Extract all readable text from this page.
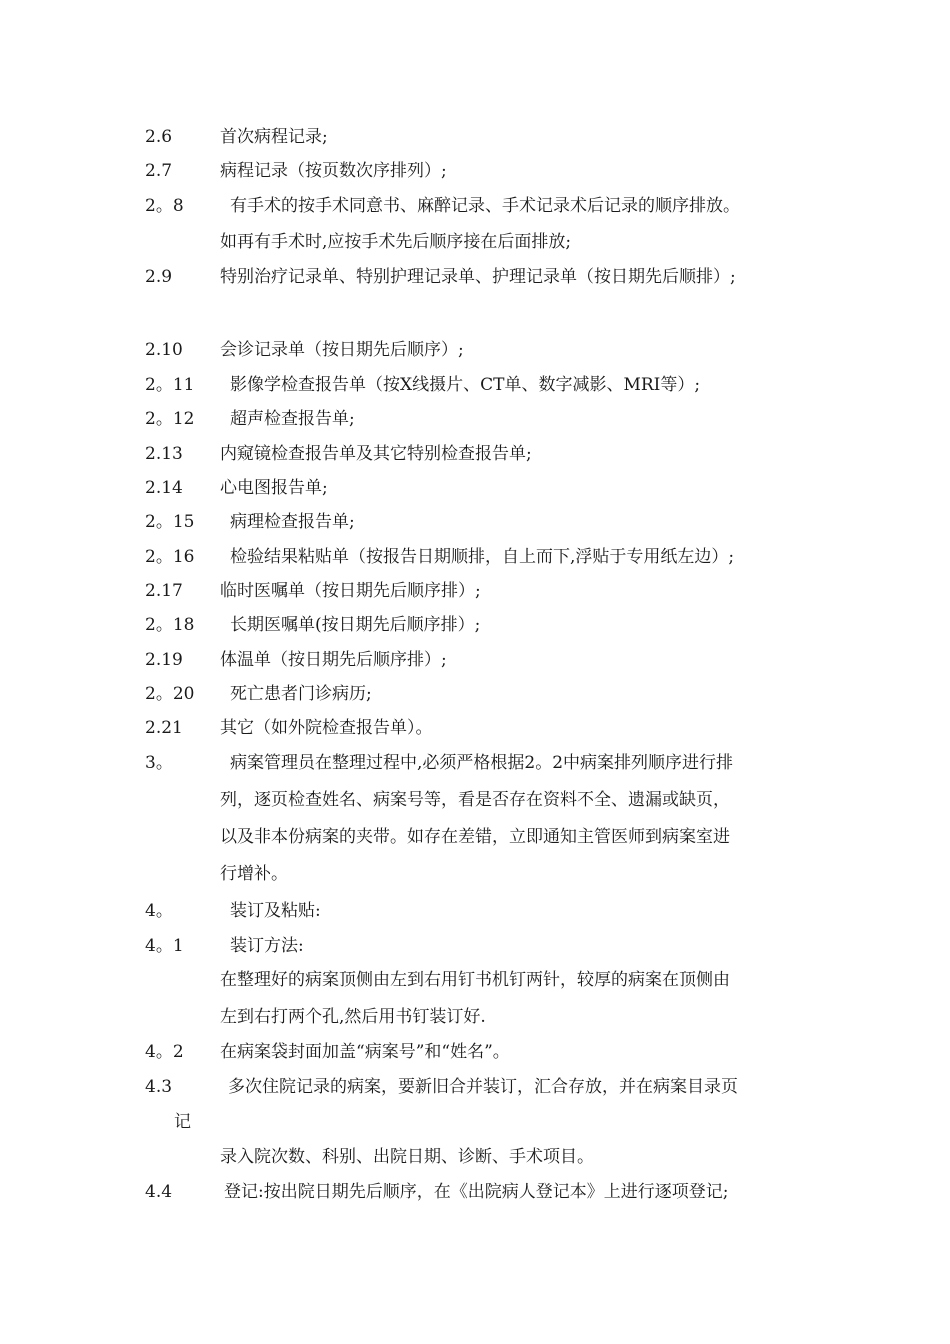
2.6	首次病程记录;
2.7	病程记录（按页数次序排列）;
2。8	有手术的按手术同意书、麻醉记录、手术记录术后记录的顺序排放。
如再有手术时,应按手术先后顺序接在后面排放;
2.9	特别治疗记录单、特别护理记录单、护理记录单（按日期先后顺排）;
2.10 会诊记录单（按日期先后顺序）;
2。11 影像学检查报告单（按X线摄片、CT单、数字减影、MRI等）;
2。12 超声检查报告单;
2.13 内窥镜检查报告单及其它特别检查报告单;
2.14 心电图报告单;
2。15 病理检查报告单;
2。16 检验结果粘贴单（按报告日期顺排，自上而下,浮贴于专用纸左边）;
2.17 临时医嘱单（按日期先后顺序排）;
2。18 长期医嘱单(按日期先后顺序排）;
2.19 体温单（按日期先后顺序排）;
2。20 死亡患者门诊病历;
2.21 其它（如外院检查报告单）。
3。	病案管理员在整理过程中,必须严格根据2。2中病案排列顺序进行排
列，逐页检查姓名、病案号等，看是否存在资料不全、遗漏或缺页，
以及非本份病案的夹带。如存在差错，立即通知主管医师到病案室进
行增补。
4。	装订及粘贴:
4。1	装订方法:
在整理好的病案顶侧由左到右用钉书机钉两针，较厚的病案在顶侧由
左到右打两个孔,然后用书钉装订好.
4。2 在病案袋封面加盖“病案号”和“姓名”。
4.3	多次住院记录的病案，要新旧合并装订，汇合存放，并在病案目录页
记
录入院次数、科别、出院日期、诊断、手术项目。
4.4	登记:按出院日期先后顺序，在《出院病人登记本》上进行逐项登记;
